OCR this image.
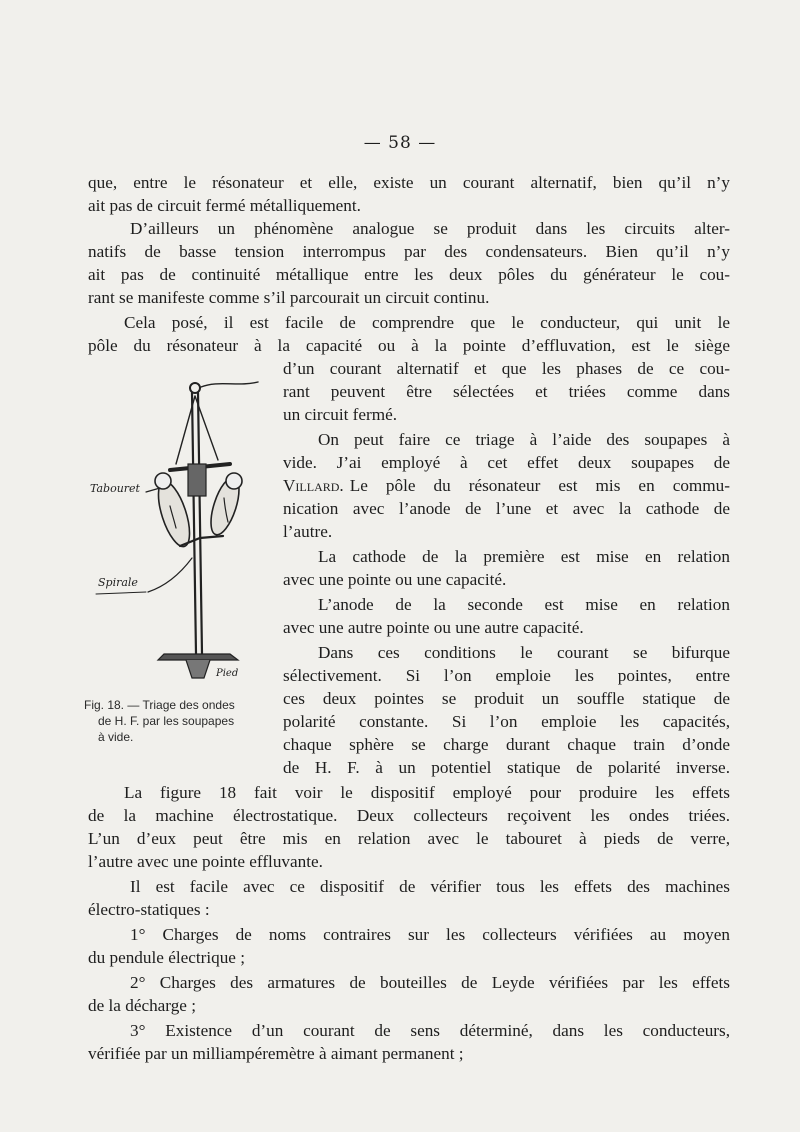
— 58 —
que, entre le résonateur et elle, existe un courant alternatif, bien qu’il n’y
ait pas de circuit fermé métalliquement.
D’ailleurs un phénomène analogue se produit dans les circuits alter-
natifs de basse tension interrompus par des condensateurs. Bien qu’il n’y
ait pas de continuité métallique entre les deux pôles du générateur le cou-
rant se manifeste comme s’il parcourait un circuit continu.
Cela posé, il est facile de comprendre que le conducteur, qui unit le
pôle du résonateur à la capacité ou à la pointe d’effluvation, est le siège
d’un courant alternatif et que les phases de ce cou-
rant peuvent être sélectées et triées comme dans
un circuit fermé.
On peut faire ce triage à l’aide des soupapes à
vide. J’ai employé à cet effet deux soupapes de
Villard. Le pôle du résonateur est mis en commu-
nication avec l’anode de l’une et avec la cathode de
l’autre.
La cathode de la première est mise en relation
avec une pointe ou une capacité.
L’anode de la seconde est mise en relation
avec une autre pointe ou une autre capacité.
Dans ces conditions le courant se bifurque
sélectivement. Si l’on emploie les pointes, entre
ces deux pointes se produit un souffle statique de
polarité constante. Si l’on emploie les capacités,
chaque sphère se charge durant chaque train d’onde
de H. F. à un potentiel statique de polarité inverse.
La figure 18 fait voir le dispositif employé pour produire les effets
de la machine électrostatique. Deux collecteurs reçoivent les ondes triées.
L’un d’eux peut être mis en relation avec le tabouret à pieds de verre,
l’autre avec une pointe effluvante.
Il est facile avec ce dispositif de vérifier tous les effets des machines
électro-statiques :
1° Charges de noms contraires sur les collecteurs vérifiées au moyen
du pendule électrique ;
2° Charges des armatures de bouteilles de Leyde vérifiées par les effets
de la décharge ;
3° Existence d’un courant de sens déterminé, dans les conducteurs,
vérifiée par un milliampéremètre à aimant permanent ;
Tabouret
Spirale
Pied
Fig. 18. — Triage des ondes
de H. F. par les soupapes
à vide.
